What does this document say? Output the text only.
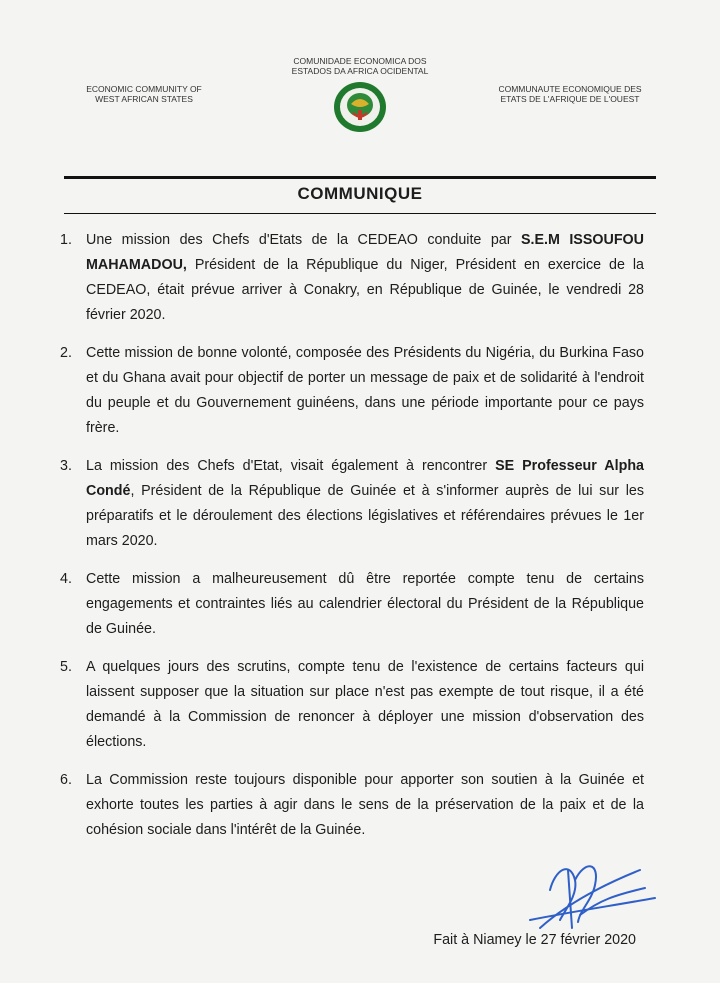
ECONOMIC COMMUNITY OF
WEST AFRICAN STATES
COMUNIDADE ECONOMICA DOS
ESTADOS DA AFRICA OCIDENTAL
COMMUNAUTE ECONOMIQUE DES
ETATS DE L'AFRIQUE DE L'OUEST
COMMUNIQUE
1. Une mission des Chefs d'Etats de la CEDEAO conduite par S.E.M ISSOUFOU MAHAMADOU, Président de la République du Niger, Président en exercice de la CEDEAO, était prévue arriver à Conakry, en République de Guinée, le vendredi 28 février 2020.
2. Cette mission de bonne volonté, composée des Présidents du Nigéria, du Burkina Faso et du Ghana avait pour objectif de porter un message de paix et de solidarité à l'endroit du peuple et du Gouvernement guinéens, dans une période importante pour ce pays frère.
3. La mission des Chefs d'Etat, visait également à rencontrer SE Professeur Alpha Condé, Président de la République de Guinée et à s'informer auprès de lui sur les préparatifs et le déroulement des élections législatives et référendaires prévues le 1er mars 2020.
4. Cette mission a malheureusement dû être reportée compte tenu de certains engagements et contraintes liés au calendrier électoral du Président de la République de Guinée.
5. A quelques jours des scrutins, compte tenu de l'existence de certains facteurs qui laissent supposer que la situation sur place n'est pas exempte de tout risque, il a été demandé à la Commission de renoncer à déployer une mission d'observation des élections.
6. La Commission reste toujours disponible pour apporter son soutien à la Guinée et exhorte toutes les parties à agir dans le sens de la préservation de la paix et de la cohésion sociale dans l'intérêt de la Guinée.
Fait à Niamey le 27 février 2020
